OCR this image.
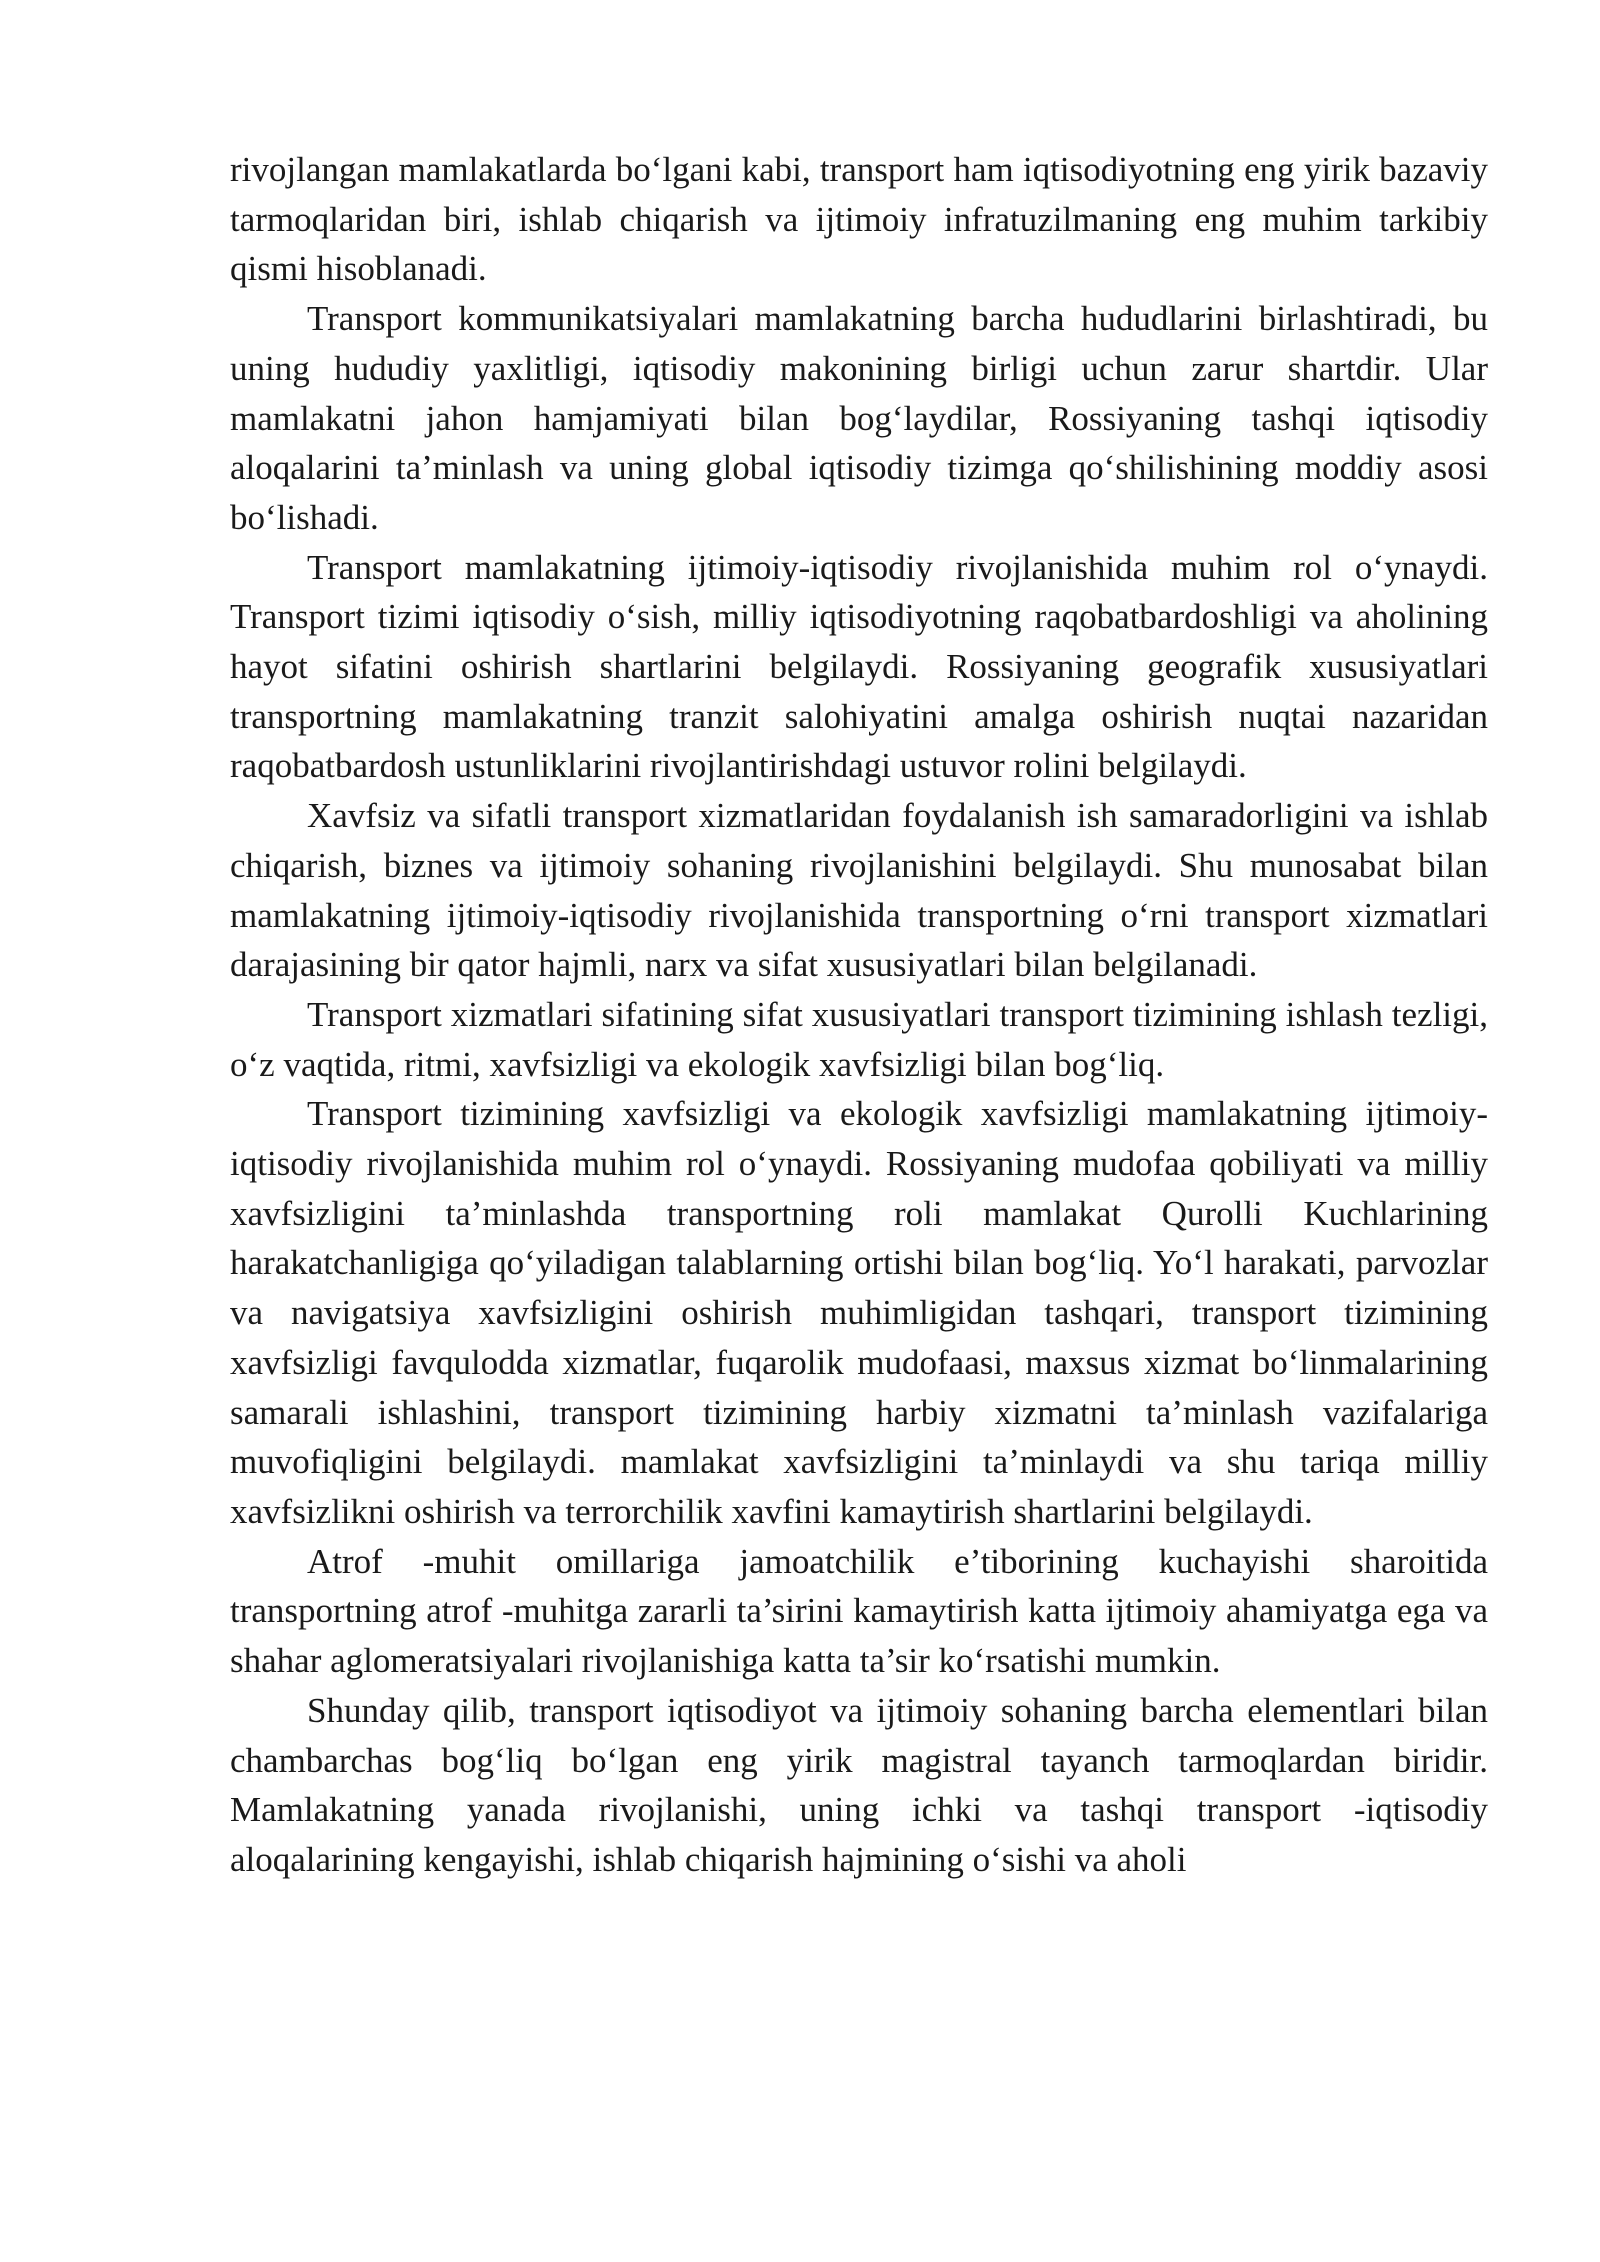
rivojlangan mamlakatlarda bo‘lgani kabi, transport ham iqtisodiyotning eng yirik bazaviy tarmoqlaridan biri, ishlab chiqarish va ijtimoiy infratuzilmaning eng muhim tarkibiy qismi hisoblanadi.

Transport kommunikatsiyalari mamlakatning barcha hududlarini birlashtiradi, bu uning hududiy yaxlitligi, iqtisodiy makonining birligi uchun zarur shartdir. Ular mamlakatni jahon hamjamiyati bilan bog‘laydilar, Rossiyaning tashqi iqtisodiy aloqalarini ta’minlash va uning global iqtisodiy tizimga qo‘shilishining moddiy asosi bo‘lishadi.

Transport mamlakatning ijtimoiy-iqtisodiy rivojlanishida muhim rol o‘ynaydi. Transport tizimi iqtisodiy o‘sish, milliy iqtisodiyotning raqobatbardoshligi va aholining hayot sifatini oshirish shartlarini belgilaydi. Rossiyaning geografik xususiyatlari transportning mamlakatning tranzit salohiyatini amalga oshirish nuqtai nazaridan raqobatbardosh ustunliklarini rivojlantirishdagi ustuvor rolini belgilaydi.

Xavfsiz va sifatli transport xizmatlaridan foydalanish ish samaradorligini va ishlab chiqarish, biznes va ijtimoiy sohaning rivojlanishini belgilaydi. Shu munosabat bilan mamlakatning ijtimoiy-iqtisodiy rivojlanishida transportning o‘rni transport xizmatlari darajasining bir qator hajmli, narx va sifat xususiyatlari bilan belgilanadi.

Transport xizmatlari sifatining sifat xususiyatlari transport tizimining ishlash tezligi, o‘z vaqtida, ritmi, xavfsizligi va ekologik xavfsizligi bilan bog‘liq.

Transport tizimining xavfsizligi va ekologik xavfsizligi mamlakatning ijtimoiy-iqtisodiy rivojlanishida muhim rol o‘ynaydi. Rossiyaning mudofaa qobiliyati va milliy xavfsizligini ta’minlashda transportning roli mamlakat Qurolli Kuchlarining harakatchanligiga qo‘yiladigan talablarning ortishi bilan bog‘liq. Yo‘l harakati, parvozlar va navigatsiya xavfsizligini oshirish muhimligidan tashqari, transport tizimining xavfsizligi favqulodda xizmatlar, fuqarolik mudofaasi, maxsus xizmat bo‘linmalarining samarali ishlashini, transport tizimining harbiy xizmatni ta’minlash vazifalariga muvofiqligini belgilaydi. mamlakat xavfsizligini ta’minlaydi va shu tariqa milliy xavfsizlikni oshirish va terrorchilik xavfini kamaytirish shartlarini belgilaydi.

Atrof -muhit omillariga jamoatchilik e’tiborining kuchayishi sharoitida transportning atrof -muhitga zararli ta’sirini kamaytirish katta ijtimoiy ahamiyatga ega va shahar aglomeratsiyalari rivojlanishiga katta ta’sir ko‘rsatishi mumkin.

Shunday qilib, transport iqtisodiyot va ijtimoiy sohaning barcha elementlari bilan chambarchas bog‘liq bo‘lgan eng yirik magistral tayanch tarmoqlardan biridir. Mamlakatning yanada rivojlanishi, uning ichki va tashqi transport -iqtisodiy aloqalarining kengayishi, ishlab chiqarish hajmining o‘sishi va aholi
